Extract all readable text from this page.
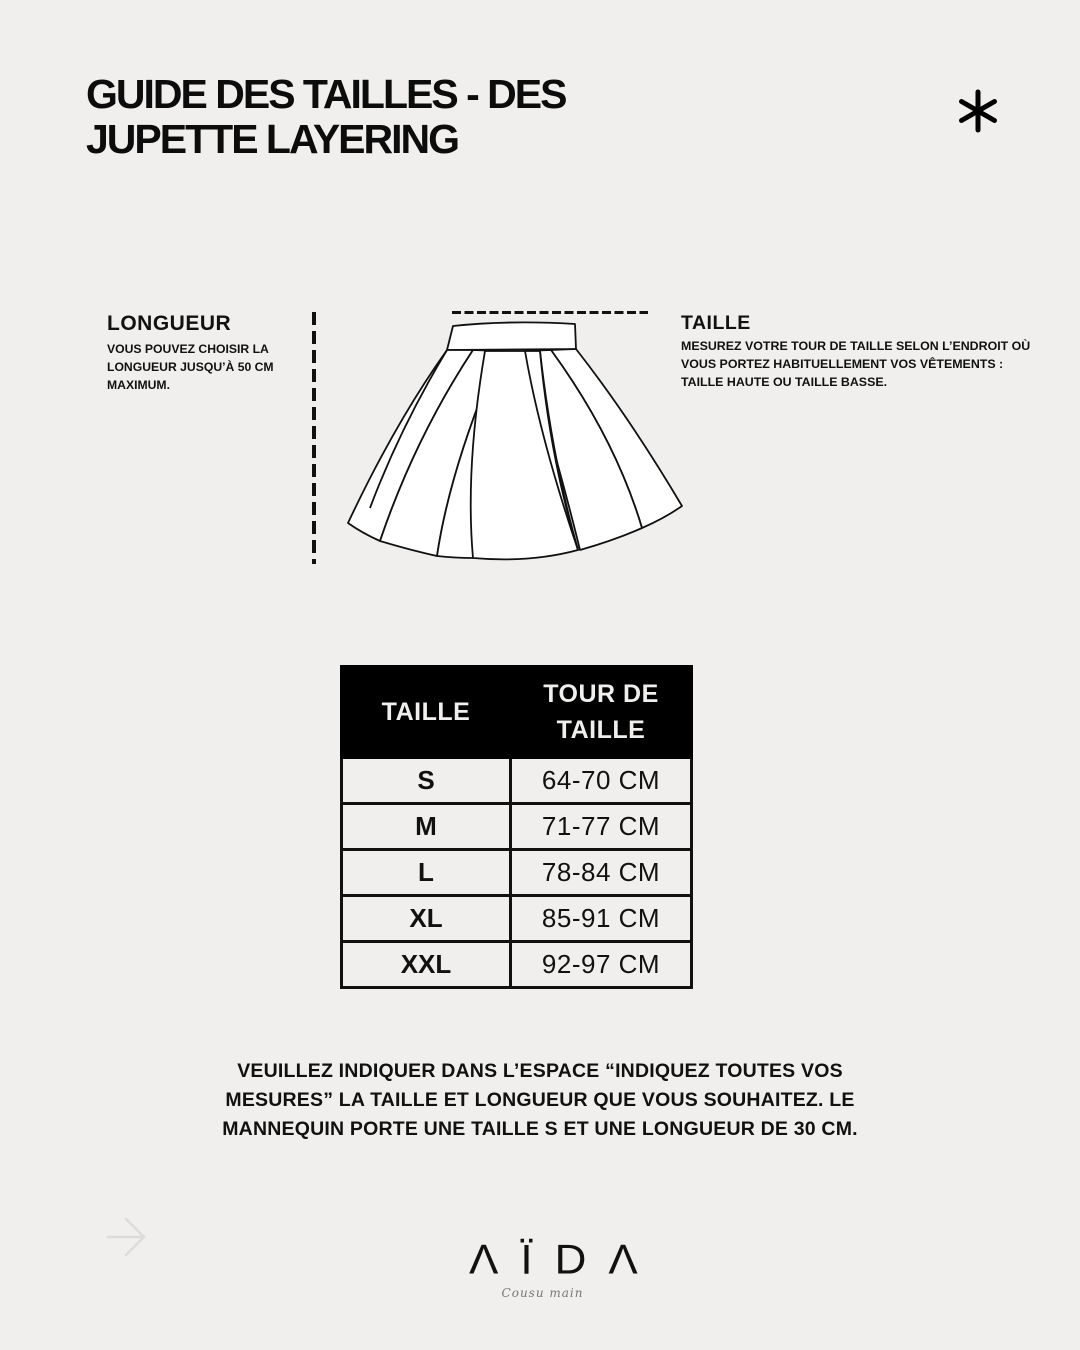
GUIDE DES TAILLES - DES
JUPETTE LAYERING
LONGUEUR

VOUS POUVEZ CHOISIR LA LONGUEUR JUSQU’À 50 CM MAXIMUM.

TAILLE

MESUREZ VOTRE TOUR DE TAILLE SELON L’ENDROIT OÙ VOUS PORTEZ HABITUELLEMENT VOS VÊTEMENTS : TAILLE HAUTE OU TAILLE BASSE.

TAILLE	TOUR DE TAILLE
S	64-70 CM
M	71-77 CM
L	78-84 CM
XL	85-91 CM
XXL	92-97 CM

VEUILLEZ INDIQUER DANS L’ESPACE “INDIQUEZ TOUTES VOS MESURES” LA TAILLE ET LONGUEUR QUE VOUS SOUHAITEZ. LE MANNEQUIN PORTE UNE TAILLE S ET UNE LONGUEUR DE 30 CM.

ΛÏDΛ
Cousu main
